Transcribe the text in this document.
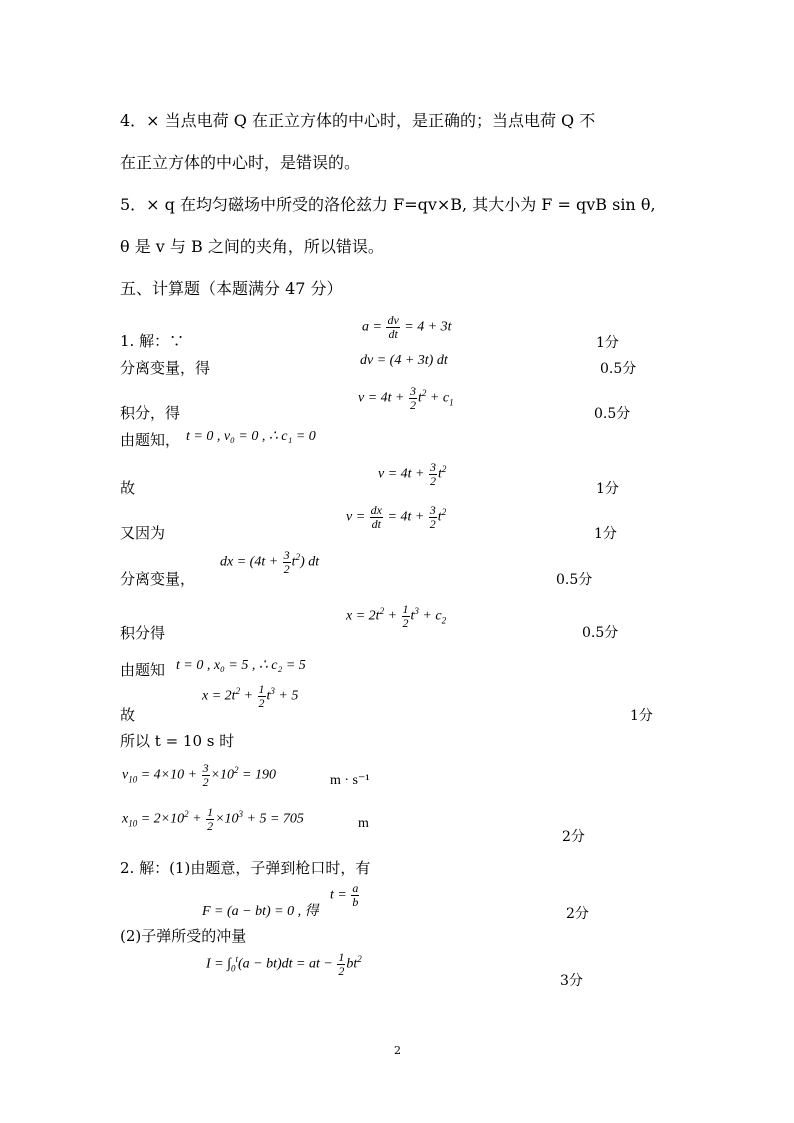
4．× 当点电荷 Q 在正立方体的中心时，是正确的；当点电荷 Q 不
在正立方体的中心时，是错误的。
5．× q 在均匀磁场中所受的洛伦兹力 F=qv×B, 其大小为 F = qvB sin θ,
θ 是 v 与 B 之间的夹角，所以错误。
五、计算题（本题满分 47 分）
1. 解：∵
$a = \frac{dv}{dt} = 4 + 3t$
1分
分离变量，得	dv = (4 + 3t) dt
0.5分
积分，得
$v = 4t + \frac{3}{2} t^2 + c_1$
0.5分
由题知， t = 0 , v₀ = 0 , ∴ c₁ = 0
故
$v = 4t + \frac{3}{2} t^2$
1分
又因为
$v = \frac{dx}{dt} = 4t + \frac{3}{2} t^2$
1分
分离变量，
dx = $(4t + \frac{3}{2} t^2)$ dt
0.5分
积分得
$x = 2t^2 + \frac{1}{2} t^3 + c_2$
0.5分
由题知 t = 0 , x₀ = 5 , ∴ c₂ = 5
$x = 2t^2 + \frac{1}{2} t^3 + 5$
故	1分
所以 t = 10 s 时
$v_{10} = 4\times 10 + \frac{3}{2} \times 10^2 = 190$	m · s⁻¹
$x_{10} = 2\times 10^2 + \frac{1}{2} \times 10^3 + 5 = 705$	m
2分
2. 解：(1)由题意，子弹到枪口时，有
F = (a − bt) = 0 , 得
$t = \frac{a}{b}$
2分
(2)子弹所受的冲量
$I = \int_0^t(a - bt)dt$ = at − $\frac{1}{2} bt^2$
3分
2
